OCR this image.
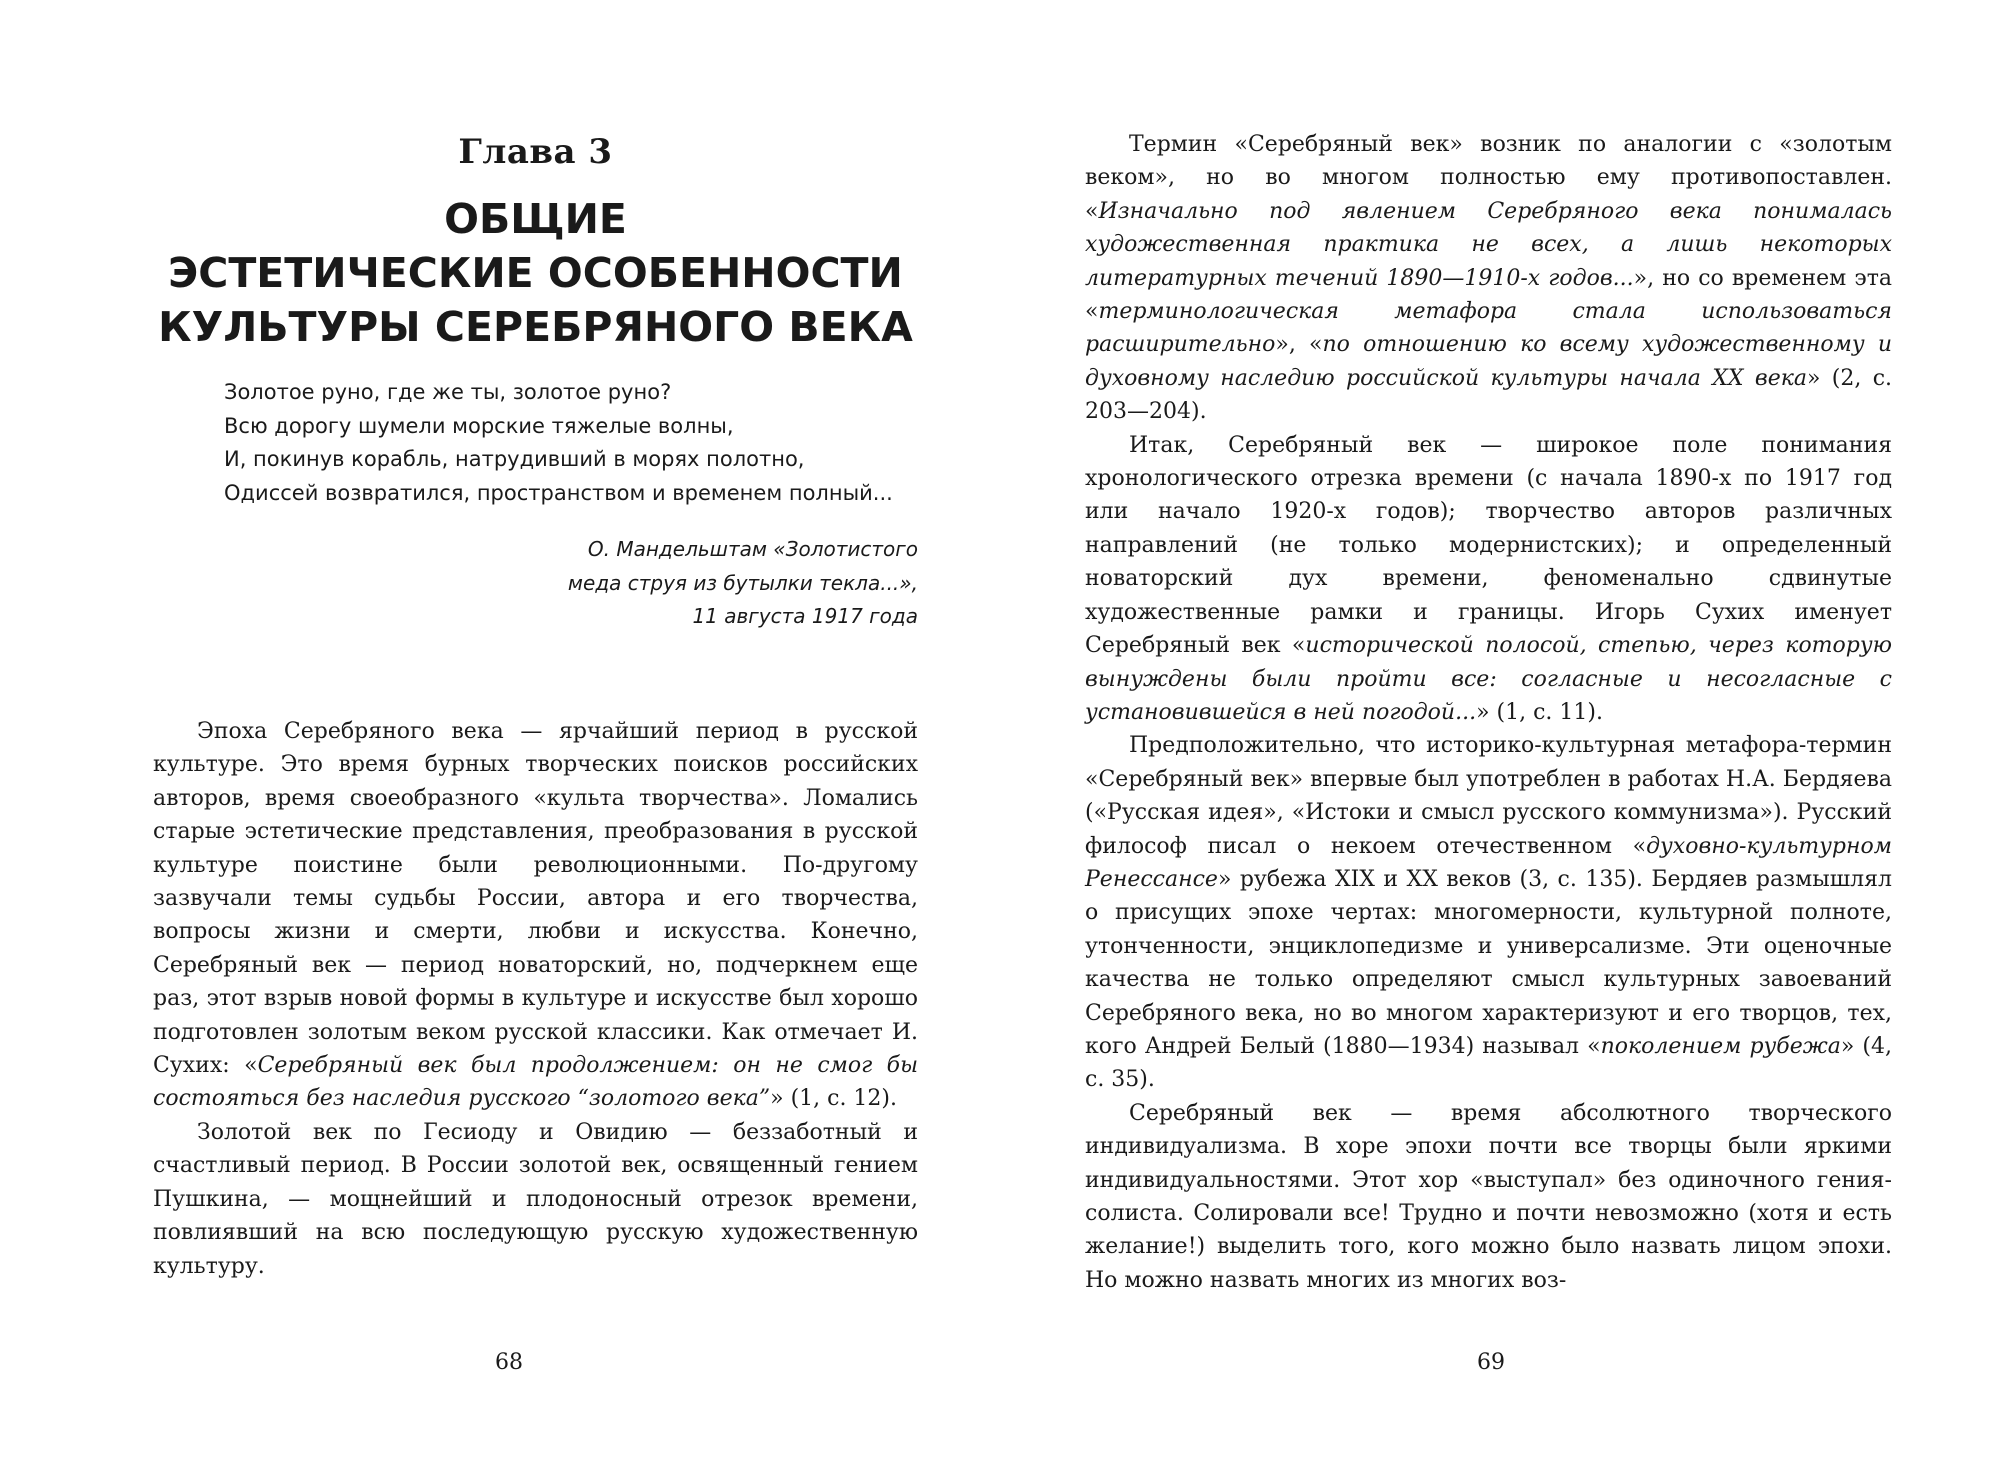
Глава 3
ОБЩИЕ
ЭСТЕТИЧЕСКИЕ ОСОБЕННОСТИ
КУЛЬТУРЫ СЕРЕБРЯНОГО ВЕКА
Золотое руно, где же ты, золотое руно?
Всю дорогу шумели морские тяжелые волны,
И, покинув корабль, натрудивший в морях полотно,
Одиссей возвратился, пространством и временем полный...
О. Мандельштам «Золотистого
меда струя из бутылки текла...»,
11 августа 1917 года

Эпоха Серебряного века — ярчайший период в русской культуре. Это время бурных творческих поисков российских авторов, время своеобразного «культа творчества». Ломались старые эстетические представления, преобразования в русской культуре поистине были революционными. По-другому зазвучали темы судьбы России, автора и его творчества, вопросы жизни и смерти, любви и искусства. Конечно, Серебряный век — период новаторский, но, подчеркнем еще раз, этот взрыв новой формы в культуре и искусстве был хорошо подготовлен золотым веком русской классики. Как отмечает И. Сухих: «Серебряный век был продолжением: он не смог бы состояться без наследия русского “золотого века”» (1, с. 12).

Золотой век по Гесиоду и Овидию — беззаботный и счастливый период. В России золотой век, освященный гением Пушкина, — мощнейший и плодоносный отрезок времени, повлиявший на всю последующую русскую художественную культуру.

68

Термин «Серебряный век» возник по аналогии с «золотым веком», но во многом полностью ему противопоставлен. «Изначально под явлением Серебряного века понималась художественная практика не всех, а лишь некоторых литературных течений 1890—1910-х годов...», но со временем эта «терминологическая метафора стала использоваться расширительно», «по отношению ко всему художественному и духовному наследию российской культуры начала XX века» (2, с. 203—204).

Итак, Серебряный век — широкое поле понимания хронологического отрезка времени (с начала 1890-х по 1917 год или начало 1920-х годов); творчество авторов различных направлений (не только модернистских); и определенный новаторский дух времени, феноменально сдвинутые художественные рамки и границы. Игорь Сухих именует Серебряный век «исторической полосой, степью, через которую вынуждены были пройти все: согласные и несогласные с установившейся в ней погодой...» (1, с. 11).

Предположительно, что историко-культурная метафора-термин «Серебряный век» впервые был употреблен в работах Н.А. Бердяева («Русская идея», «Истоки и смысл русского коммунизма»). Русский философ писал о некоем отечественном «духовно-культурном Ренессансе» рубежа XIX и XX веков (3, с. 135). Бердяев размышлял о присущих эпохе чертах: многомерности, культурной полноте, утонченности, энциклопедизме и универсализме. Эти оценочные качества не только определяют смысл культурных завоеваний Серебряного века, но во многом характеризуют и его творцов, тех, кого Андрей Белый (1880—1934) называл «поколением рубежа» (4, с. 35).

Серебряный век — время абсолютного творческого индивидуализма. В хоре эпохи почти все творцы были яркими индивидуальностями. Этот хор «выступал» без одиночного гения-солиста. Солировали все! Трудно и почти невозможно (хотя и есть желание!) выделить того, кого можно было назвать лицом эпохи. Но можно назвать многих из многих воз-

69
